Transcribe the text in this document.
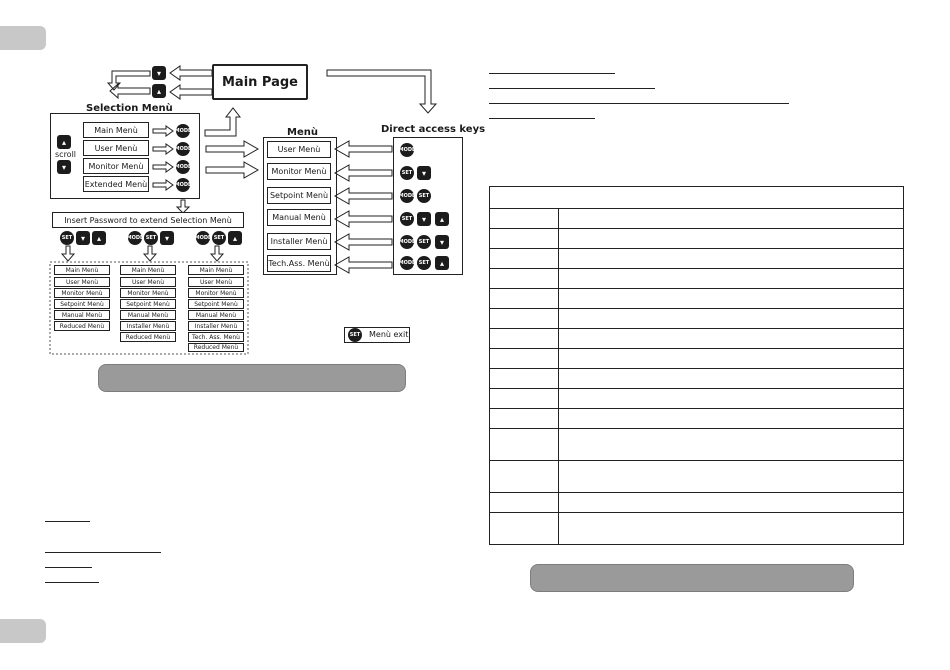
▾
▴
Main Page
Selection Menù
▴
scroll
▾
Main Menù
User Menù
Monitor Menù
Extended Menù
MODE
MODE
MODE
MODE
Insert Password to extend Selection Menù
SET	▾	▴	MODE SET	▾	MODE SET	▴
Main Menù
User Menù
Monitor Menù
Setpoint Menù
Manual Menù
Reduced Menù
Main Menù
User Menù
Monitor Menù
Setpoint Menù
Manual Menù
Installer Menù
Reduced Menù
Main Menù
User Menù
Monitor Menù
Setpoint Menù
Manual Menù
Installer Menù
Tech. Ass. Menù
Reduced Menù
Menù
User Menù
Monitor Menù
Setpoint Menù
Manual Menù
Installer Menù
Tech.Ass. Menù
Direct access keys
MODE
SET	▾
MODE SET
SET	▾	▴
MODE SET	▾
MODE SET	▴
SET Menù exit
